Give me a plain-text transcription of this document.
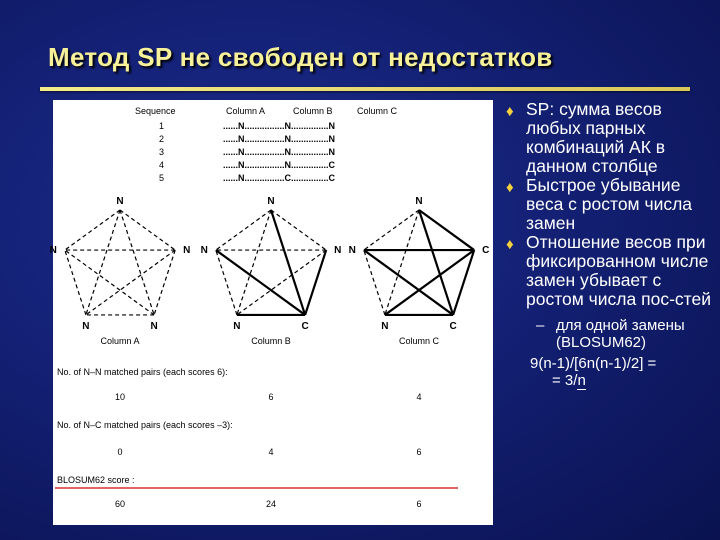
Метод SP не свободен от недостатков
Sequence	Column A	Column B	Column C
1	......N................N...............N
2	......N................N...............N
3	......N................N...............N
4	......N................N...............C
5	......N................C...............C
N
N
N
N
N
N
N
C
N
N
N
C
C
N
N
Column A	Column B	Column C
No. of N–N matched pairs (each scores 6):
10	6	4
No. of N–C matched pairs (each scores –3):
0	4	6
BLOSUM62 score :
60	24	6
♦ SP: сумма весов любых парных комбинаций АК в данном столбце
♦ Быстрое убывание веса с ростом числа замен
♦ Отношение весов при фиксированном числе замен убывает с ростом числа пос-стей
– для одной замены (BLOSUM62)
9(n-1)/[6n(n-1)/2] =
= 3/n
